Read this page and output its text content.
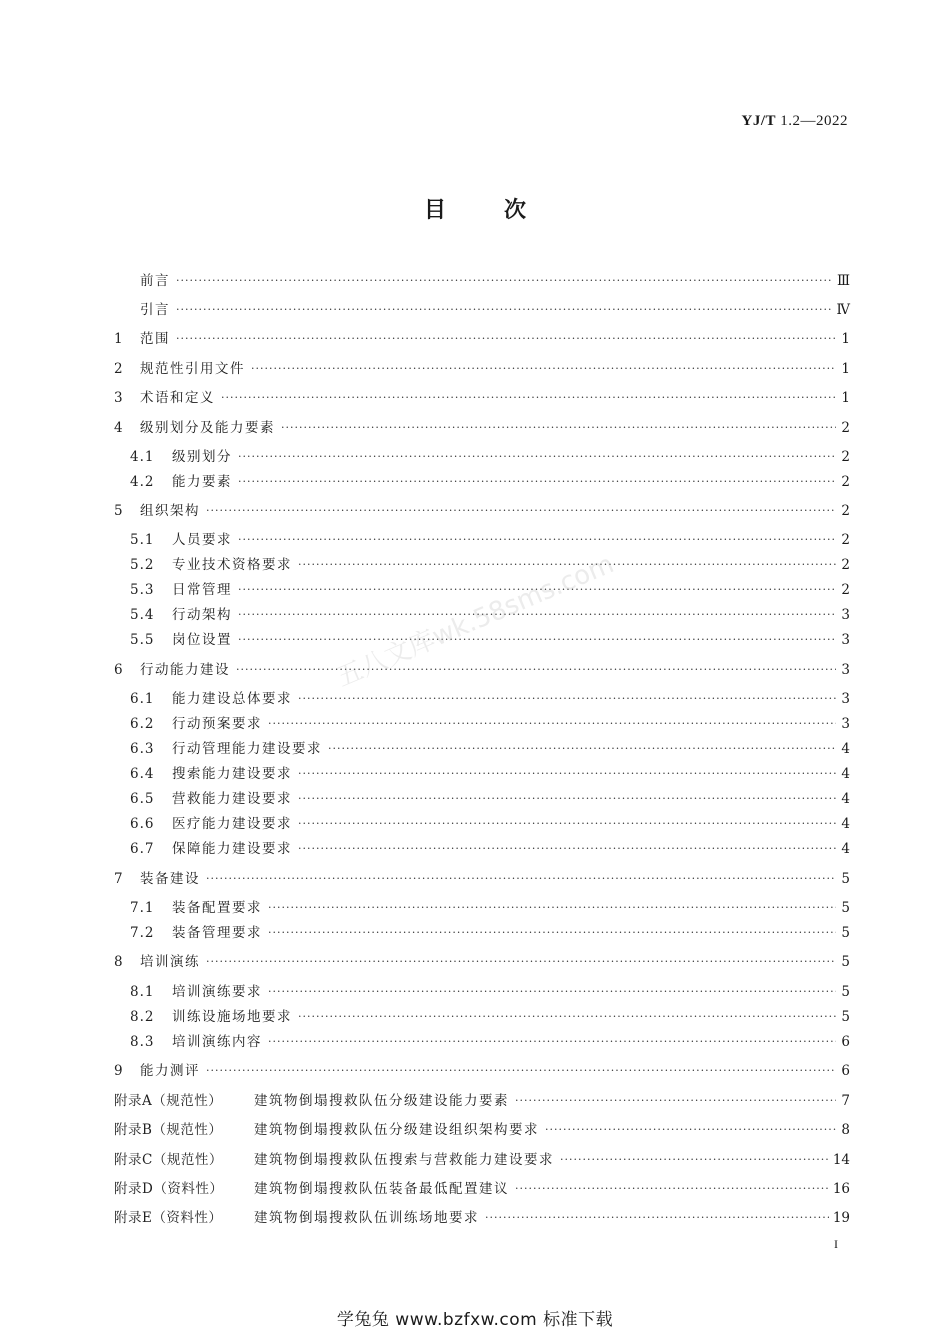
YJ/T 1.2—2022
目次
前言 ·····	Ⅲ
引言 ·····	Ⅳ
1	范围 ·····	1
2	规范性引用文件 ·····	1
3	术语和定义 ·····	1
4	级别划分及能力要素 ·····	2
4.1	级别划分 ·····	2
4.2	能力要素 ·····	2
5	组织架构 ·····	2
5.1	人员要求 ·····	2
5.2	专业技术资格要求 ·····	2
5.3	日常管理 ·····	2
5.4	行动架构 ·····	3
5.5	岗位设置 ·····	3
6	行动能力建设 ·····	3
6.1	能力建设总体要求 ·····	3
6.2	行动预案要求 ·····	3
6.3	行动管理能力建设要求 ·····	4
6.4	搜索能力建设要求 ·····	4
6.5	营救能力建设要求 ·····	4
6.6	医疗能力建设要求 ·····	4
6.7	保障能力建设要求 ·····	4
7	装备建设 ·····	5
7.1	装备配置要求 ·····	5
7.2	装备管理要求 ·····	5
8	培训演练 ·····	5
8.1	培训演练要求 ·····	5
8.2	训练设施场地要求 ·····	5
8.3	培训演练内容 ·····	6
9	能力测评 ·····	6
附录A（规范性）	建筑物倒塌搜救队伍分级建设能力要素 ·····	7
附录B（规范性）	建筑物倒塌搜救队伍分级建设组织架构要求 ·····	8
附录C（规范性）	建筑物倒塌搜救队伍搜索与营救能力建设要求 ·····	14
附录D（资料性）	建筑物倒塌搜救队伍装备最低配置建议 ·····	16
附录E（资料性）	建筑物倒塌搜救队伍训练场地要求 ·····	19
五八文库wk.58sms.com
I
学兔兔 www.bzfxw.com 标准下载
